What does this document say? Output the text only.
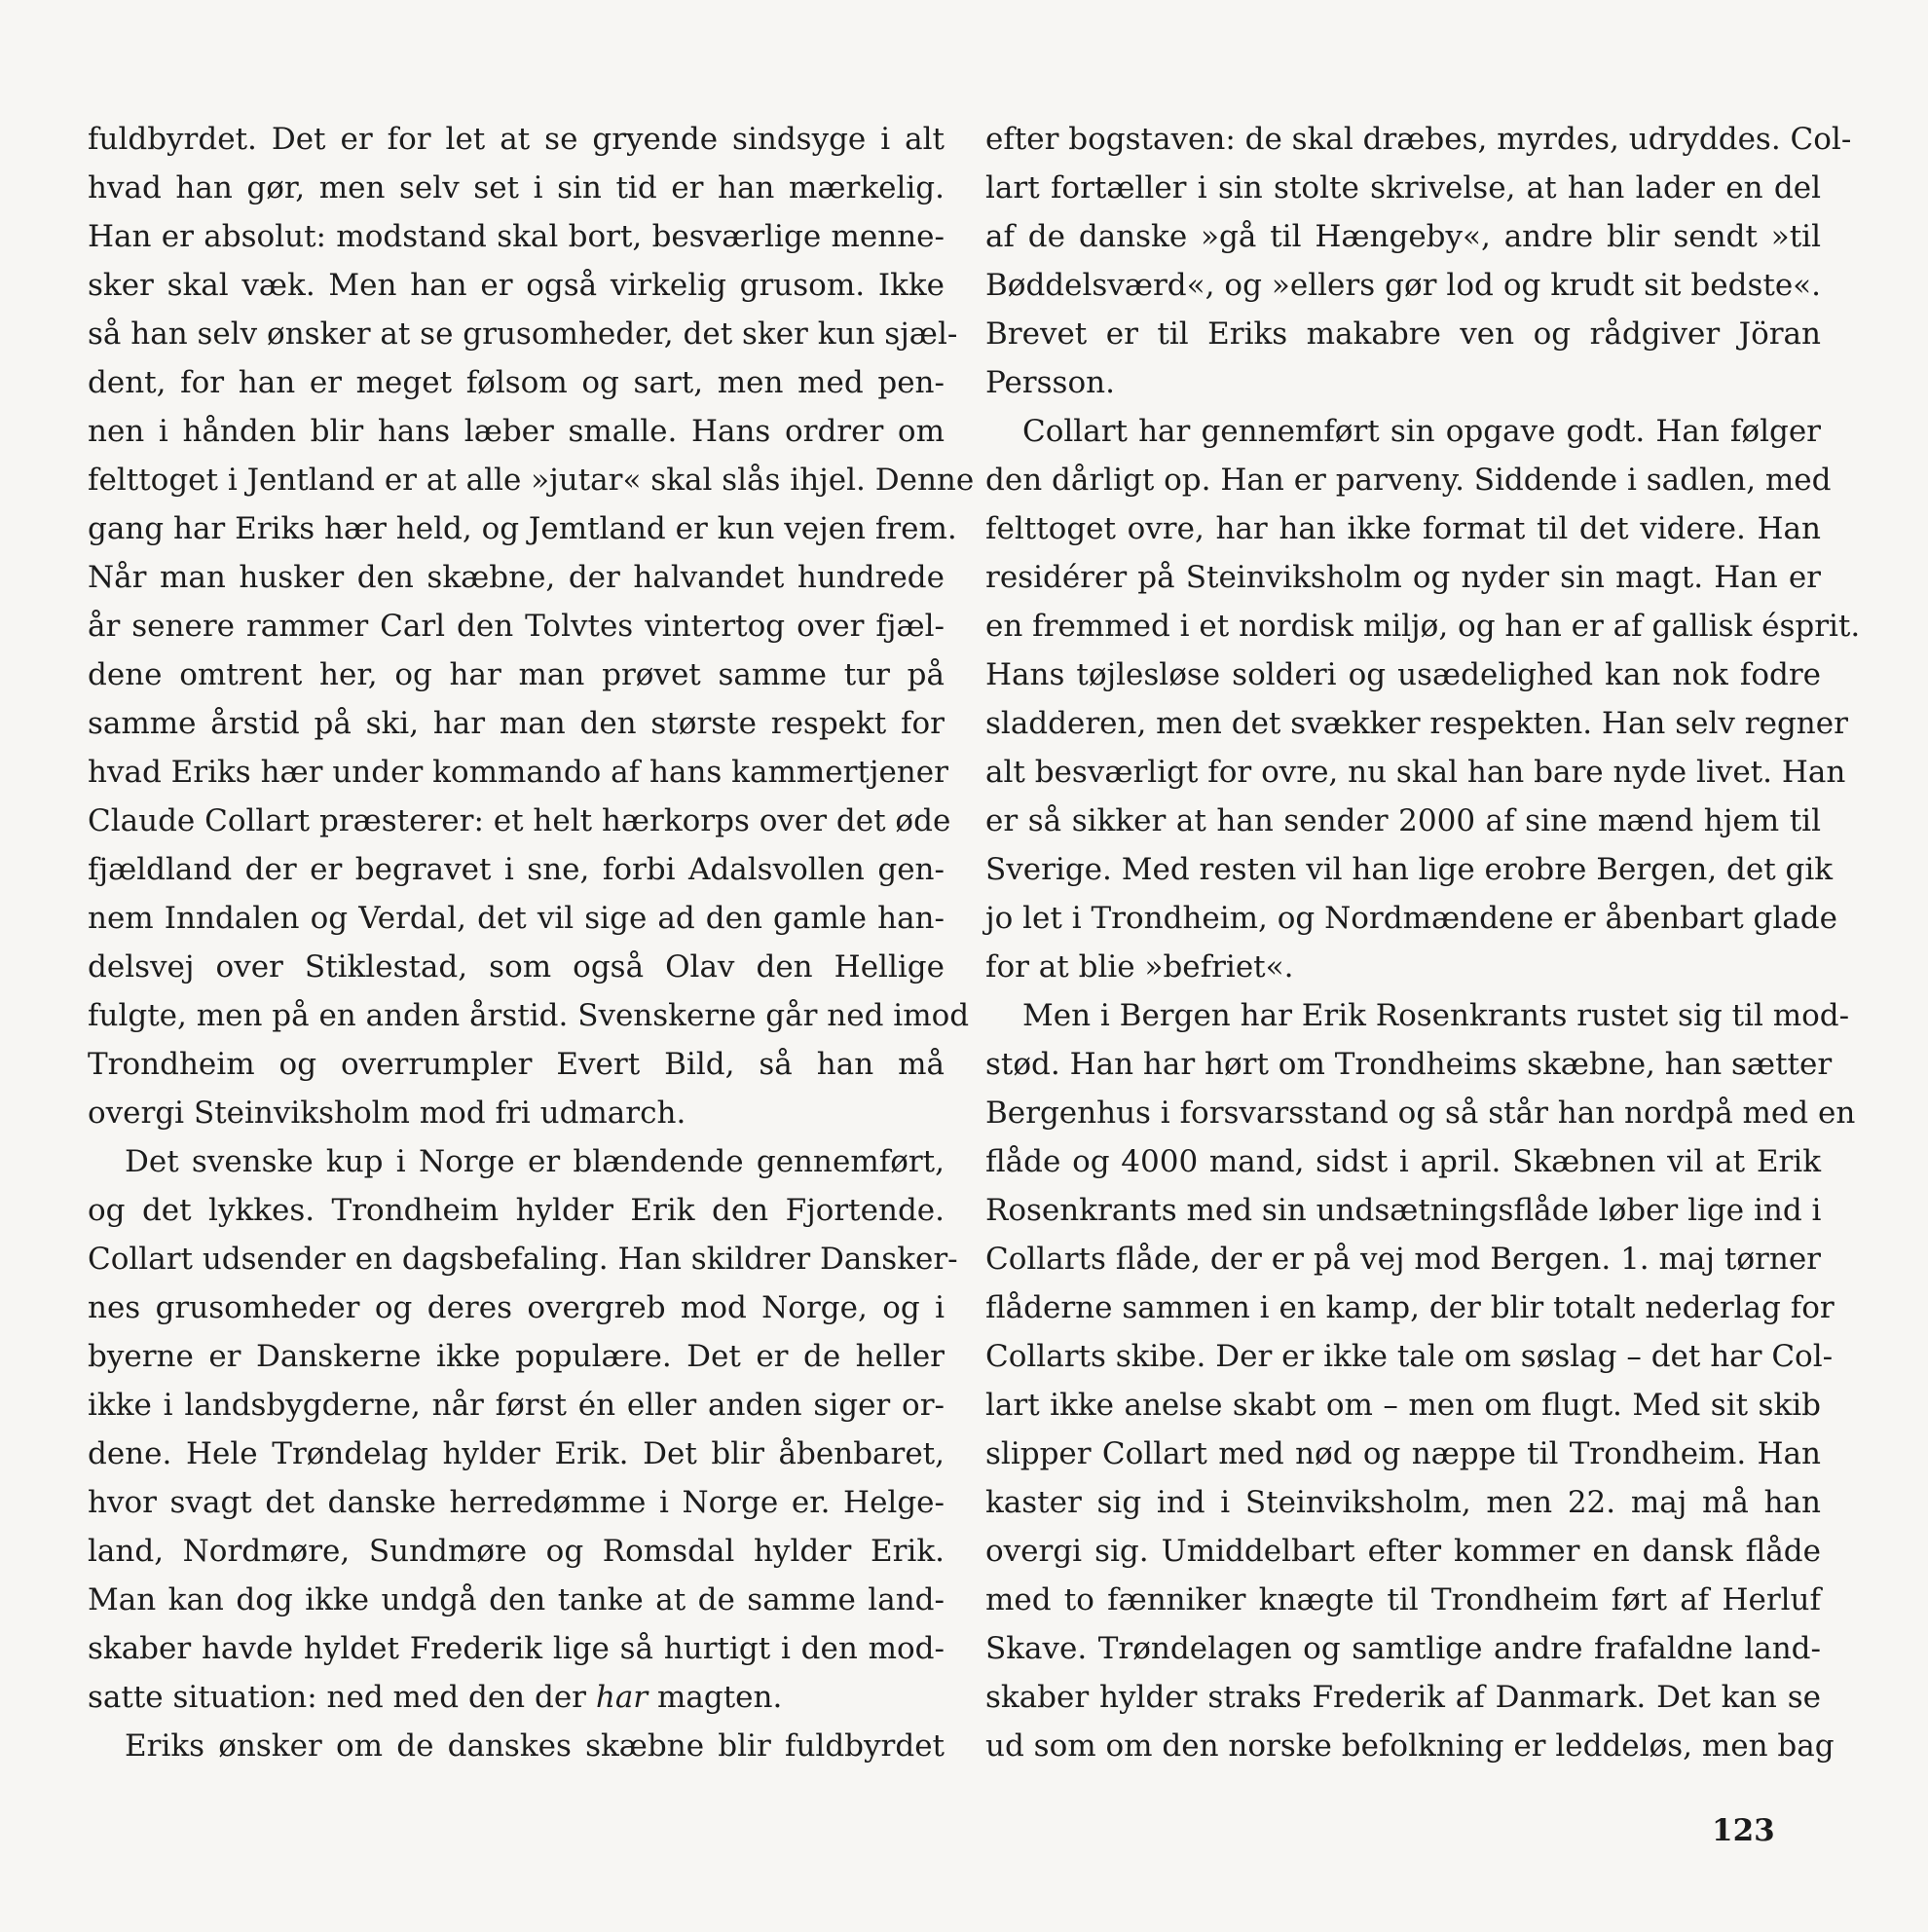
fuldbyrdet. Det er for let at se gryende sindsyge i alt
hvad han gør, men selv set i sin tid er han mærkelig.
Han er absolut: modstand skal bort, besværlige menne-
sker skal væk. Men han er også virkelig grusom. Ikke
så han selv ønsker at se grusomheder, det sker kun sjæl-
dent, for han er meget følsom og sart, men med pen-
nen i hånden blir hans læber smalle. Hans ordrer om
felttoget i Jentland er at alle »jutar« skal slås ihjel. Denne
gang har Eriks hær held, og Jemtland er kun vejen frem.
Når man husker den skæbne, der halvandet hundrede
år senere rammer Carl den Tolvtes vintertog over fjæl-
dene omtrent her, og har man prøvet samme tur på
samme årstid på ski, har man den største respekt for
hvad Eriks hær under kommando af hans kammertjener
Claude Collart præsterer: et helt hærkorps over det øde
fjældland der er begravet i sne, forbi Adalsvollen gen-
nem Inndalen og Verdal, det vil sige ad den gamle han-
delsvej over Stiklestad, som også Olav den Hellige
fulgte, men på en anden årstid. Svenskerne går ned imod
Trondheim og overrumpler Evert Bild, så han må
overgi Steinviksholm mod fri udmarch.
Det svenske kup i Norge er blændende gennemført,
og det lykkes. Trondheim hylder Erik den Fjortende.
Collart udsender en dagsbefaling. Han skildrer Dansker-
nes grusomheder og deres overgreb mod Norge, og i
byerne er Danskerne ikke populære. Det er de heller
ikke i landsbygderne, når først én eller anden siger or-
dene. Hele Trøndelag hylder Erik. Det blir åbenbaret,
hvor svagt det danske herredømme i Norge er. Helge-
land, Nordmøre, Sundmøre og Romsdal hylder Erik.
Man kan dog ikke undgå den tanke at de samme land-
skaber havde hyldet Frederik lige så hurtigt i den mod-
satte situation: ned med den der har magten.
Eriks ønsker om de danskes skæbne blir fuldbyrdet
efter bogstaven: de skal dræbes, myrdes, udryddes. Col-
lart fortæller i sin stolte skrivelse, at han lader en del
af de danske »gå til Hængeby«, andre blir sendt »til
Bøddelsværd«, og »ellers gør lod og krudt sit bedste«.
Brevet er til Eriks makabre ven og rådgiver Jöran
Persson.
Collart har gennemført sin opgave godt. Han følger
den dårligt op. Han er parveny. Siddende i sadlen, med
felttoget ovre, har han ikke format til det videre. Han
residérer på Steinviksholm og nyder sin magt. Han er
en fremmed i et nordisk miljø, og han er af gallisk ésprit.
Hans tøjlesløse solderi og usædelighed kan nok fodre
sladderen, men det svækker respekten. Han selv regner
alt besværligt for ovre, nu skal han bare nyde livet. Han
er så sikker at han sender 2000 af sine mænd hjem til
Sverige. Med resten vil han lige erobre Bergen, det gik
jo let i Trondheim, og Nordmændene er åbenbart glade
for at blie »befriet«.
Men i Bergen har Erik Rosenkrants rustet sig til mod-
stød. Han har hørt om Trondheims skæbne, han sætter
Bergenhus i forsvarsstand og så står han nordpå med en
flåde og 4000 mand, sidst i april. Skæbnen vil at Erik
Rosenkrants med sin undsætningsflåde løber lige ind i
Collarts flåde, der er på vej mod Bergen. 1. maj tørner
flåderne sammen i en kamp, der blir totalt nederlag for
Collarts skibe. Der er ikke tale om søslag – det har Col-
lart ikke anelse skabt om – men om flugt. Med sit skib
slipper Collart med nød og næppe til Trondheim. Han
kaster sig ind i Steinviksholm, men 22. maj må han
overgi sig. Umiddelbart efter kommer en dansk flåde
med to fænniker knægte til Trondheim ført af Herluf
Skave. Trøndelagen og samtlige andre frafaldne land-
skaber hylder straks Frederik af Danmark. Det kan se
ud som om den norske befolkning er leddeløs, men bag
123
